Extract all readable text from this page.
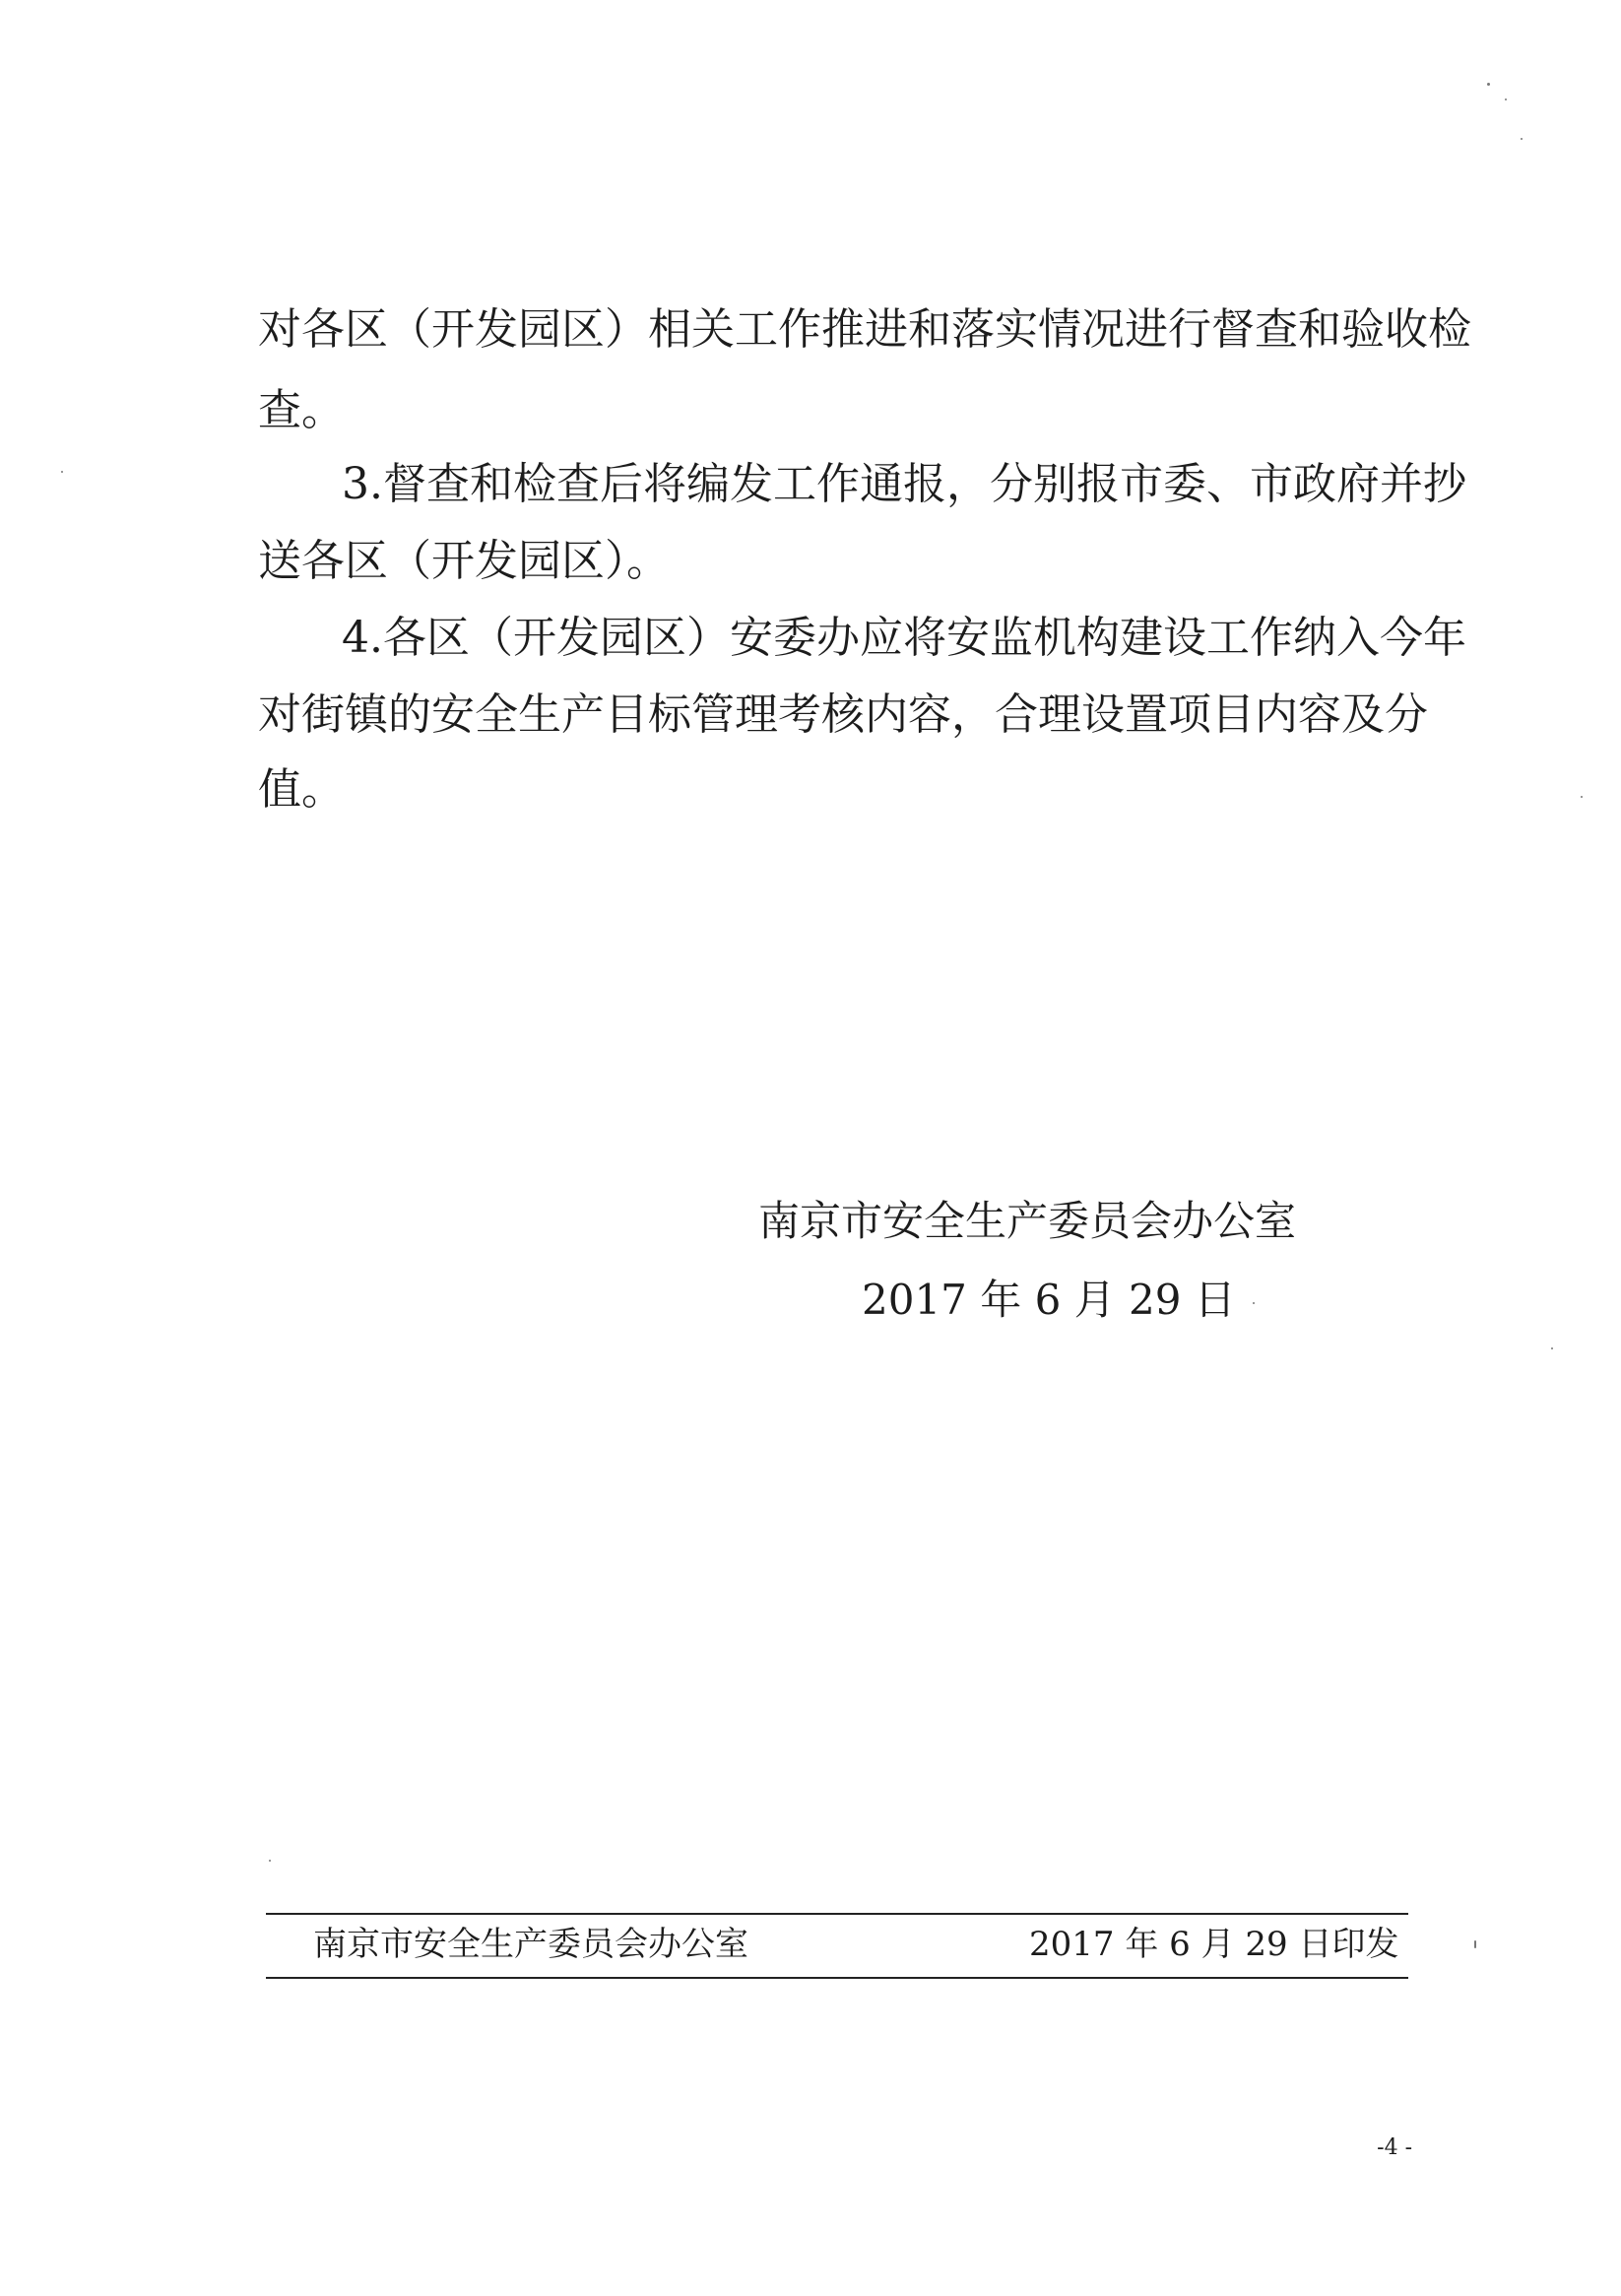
对各区（开发园区）相关工作推进和落实情况进行督查和验收检
查。
3.督查和检查后将编发工作通报，分别报市委、市政府并抄
送各区（开发园区）。
4.各区（开发园区）安委办应将安监机构建设工作纳入今年
对街镇的安全生产目标管理考核内容，合理设置项目内容及分
值。
南京市安全生产委员会办公室
2017 年 6 月 29 日
南京市安全生产委员会办公室	2017 年 6 月 29 日印发
-4 -
